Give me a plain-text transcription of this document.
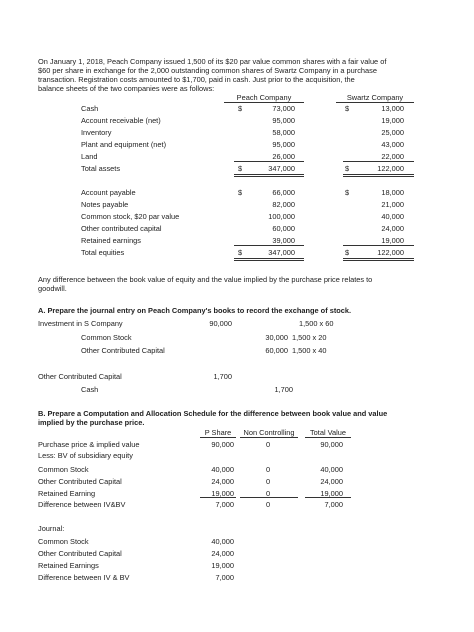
On January 1, 2018, Peach Company issued 1,500 of its $20 par value common shares with a fair value of
$60 per share in exchange for the 2,000 outstanding common shares of Swartz Company in a purchase
transaction. Registration costs amounted to $1,700, paid in cash. Just prior to the acquisition, the
balance sheets of the two companies were as follows:
Peach Company	Swartz Company
Cash	$	73,000	$	13,000
Account receivable (net)	95,000	19,000
Inventory	58,000	25,000
Plant and equipment (net)	95,000	43,000
Land	26,000	22,000
Total assets	$	347,000	$	122,000
Account payable	$	66,000	$	18,000
Notes payable	82,000	21,000
Common stock, $20 par value	100,000	40,000
Other contributed capital	60,000	24,000
Retained earnings	39,000	19,000
Total equities	$	347,000	$	122,000
Any difference between the book value of equity and the value implied by the purchase price relates to
goodwill.
A. Prepare the journal entry on Peach Company's books to record the exchange of stock.
Investment in S Company	90,000	1,500 x 60
Common Stock	30,000 1,500 x 20
Other Contributed Capital	60,000 1,500 x 40
Other Contributed Capital	1,700
Cash	1,700
B. Prepare a Computation and Allocation Schedule for the difference between book value and value
implied by the purchase price.
P Share	Non Controlling	Total Value
Purchase price & implied value	90,000	0	90,000
Less: BV of subsidiary equity
Common Stock	40,000	0	40,000
Other Contributed Capital	24,000	0	24,000
Retained Earning	19,000	0	19,000
Difference between IV&BV	7,000	0	7,000
Journal:
Common Stock	40,000
Other Contributed Capital	24,000
Retained Earnings	19,000
Difference between IV & BV	7,000
